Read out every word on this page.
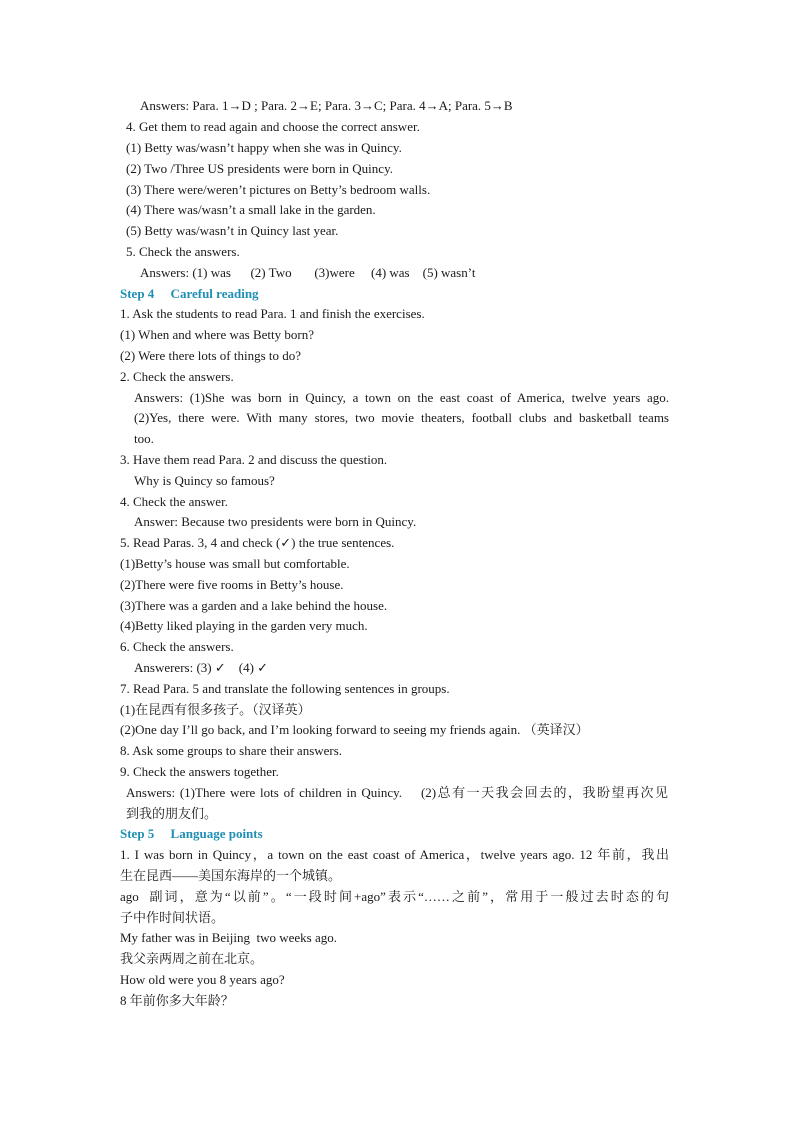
Answers: Para. 1→D ; Para. 2→E; Para. 3→C; Para. 4→A; Para. 5→B
4. Get them to read again and choose the correct answer.
(1) Betty was/wasn’t happy when she was in Quincy.
(2) Two /Three US presidents were born in Quincy.
(3) There were/weren’t pictures on Betty’s bedroom walls.
(4) There was/wasn’t a small lake in the garden.
(5) Betty was/wasn’t in Quincy last year.
5. Check the answers.
Answers: (1) was      (2) Two       (3)were     (4) was    (5) wasn’t
Step 4     Careful reading
1. Ask the students to read Para. 1 and finish the exercises.
(1) When and where was Betty born?
(2) Were there lots of things to do?
2. Check the answers.
Answers: (1)She was born in Quincy, a town on the east coast of America, twelve years ago.
(2)Yes, there were. With many stores, two movie theaters, football clubs and basketball teams
too.
3. Have them read Para. 2 and discuss the question.
Why is Quincy so famous?
4. Check the answer.
Answer: Because two presidents were born in Quincy.
5. Read Paras. 3, 4 and check (✓) the true sentences.
(1)Betty’s house was small but comfortable.
(2)There were five rooms in Betty’s house.
(3)There was a garden and a lake behind the house.
(4)Betty liked playing in the garden very much.
6. Check the answers.
Answerers: (3) ✓    (4) ✓
7. Read Para. 5 and translate the following sentences in groups.
(1)在昆西有很多孩子。（汉译英）
(2)One day I’ll go back, and I’m looking forward to seeing my friends again. （英译汉）
8. Ask some groups to share their answers.
9. Check the answers together.
Answers: (1)There were lots of children in Quincy.    (2)总有一天我会回去的，我盼望再次见
到我的朋友们。
Step 5     Language points
1. I was born in Quincy，a town on the east coast of America，twelve years ago. 12 年前，我出
生在昆西——美国东海岸的一个城镇。
ago  副词，意为“以前”。“一段时间+ago”表示“……之前”，常用于一般过去时态的句
子中作时间状语。
My father was in Beijing  two weeks ago.
我父亲两周之前在北京。
How old were you 8 years ago?
8 年前你多大年龄？
